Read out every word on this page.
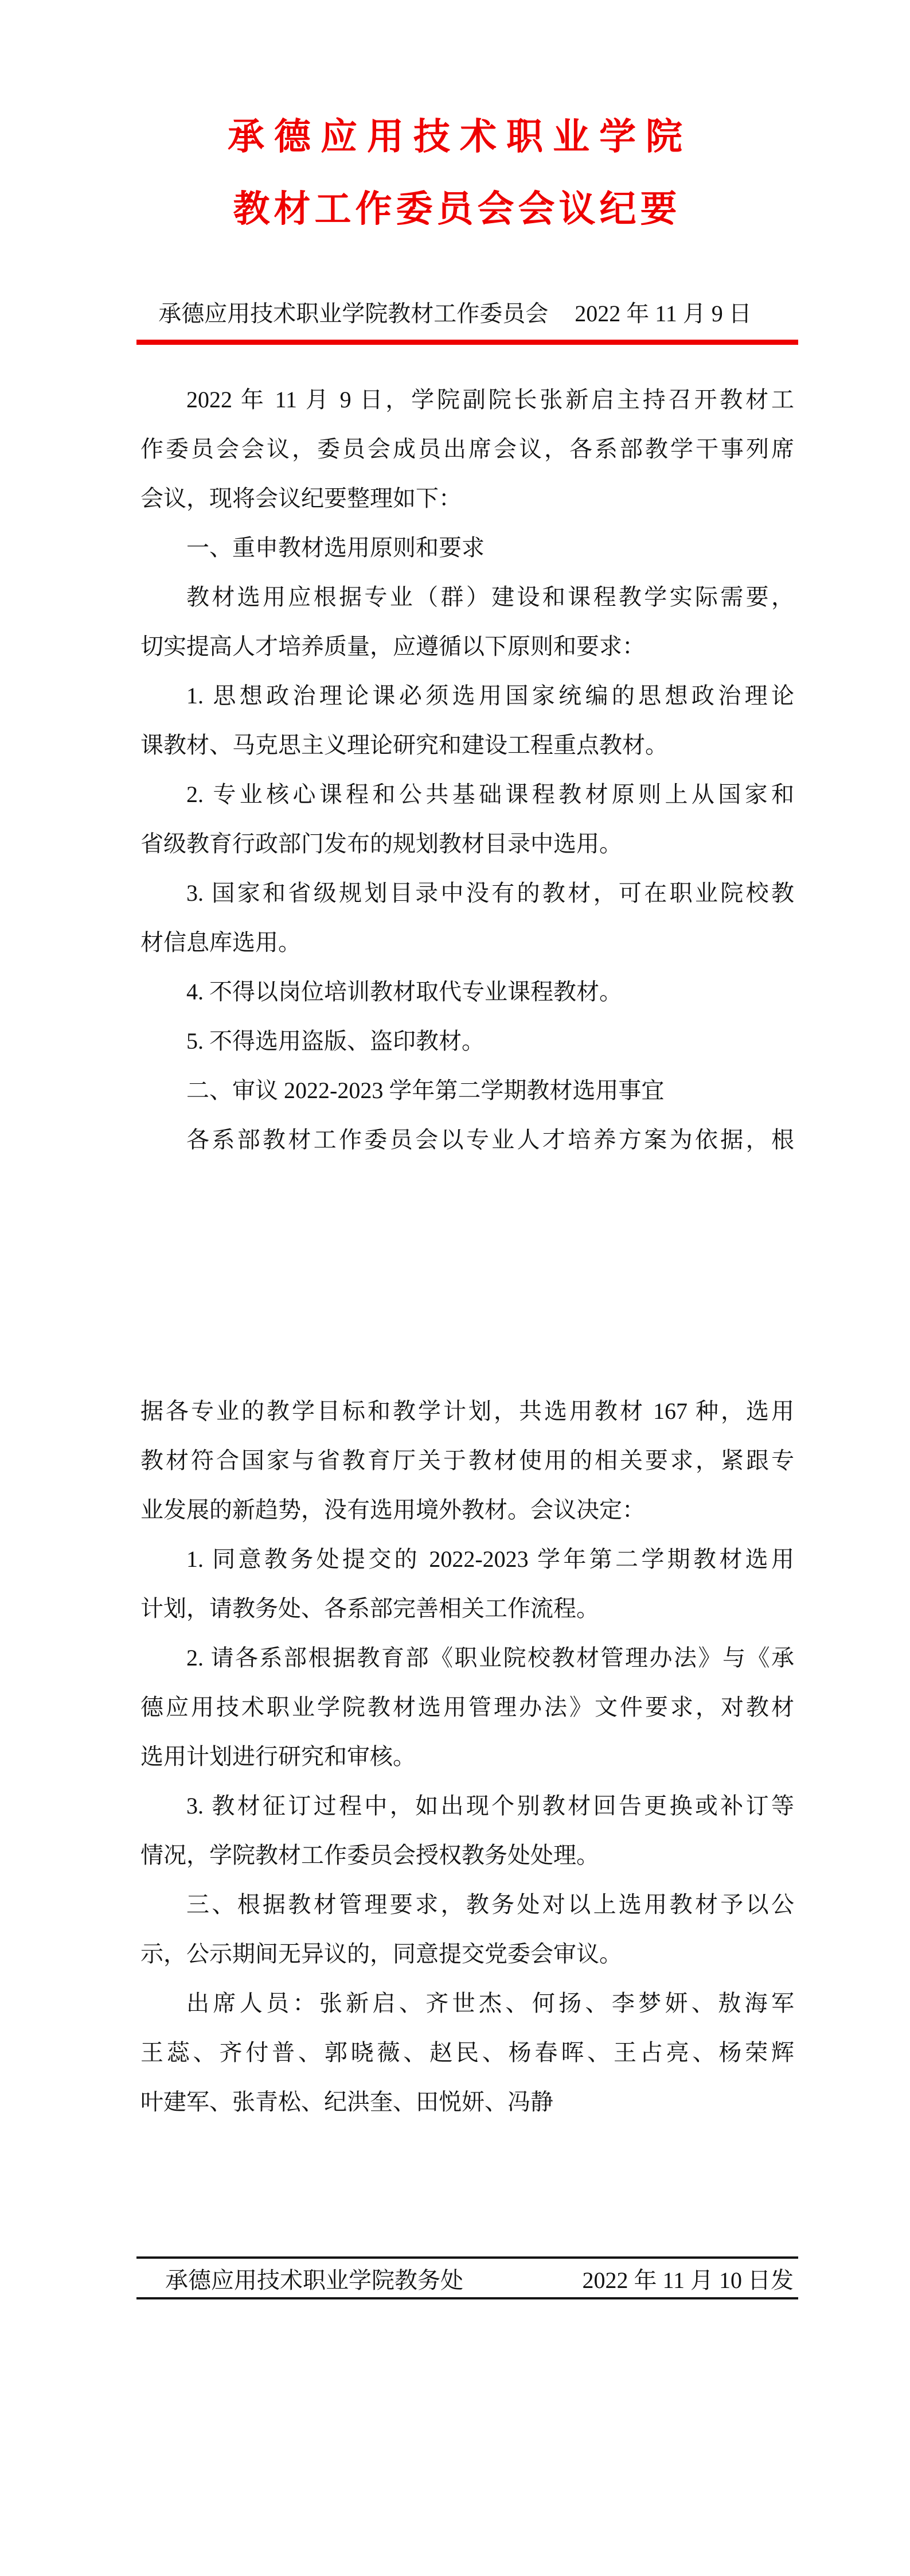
承德应用技术职业学院
教材工作委员会会议纪要
承德应用技术职业学院教材工作委员会 2022 年 11 月 9 日
2022 年 11 月 9 日，学院副院长张新启主持召开教材工
作委员会会议，委员会成员出席会议，各系部教学干事列席
会议，现将会议纪要整理如下：
一、重申教材选用原则和要求
教材选用应根据专业（群）建设和课程教学实际需要，
切实提高人才培养质量，应遵循以下原则和要求：
1. 思想政治理论课必须选用国家统编的思想政治理论
课教材、马克思主义理论研究和建设工程重点教材。
2. 专业核心课程和公共基础课程教材原则上从国家和
省级教育行政部门发布的规划教材目录中选用。
3. 国家和省级规划目录中没有的教材，可在职业院校教
材信息库选用。
4. 不得以岗位培训教材取代专业课程教材。
5. 不得选用盗版、盗印教材。
二、审议 2022-2023 学年第二学期教材选用事宜
各系部教材工作委员会以专业人才培养方案为依据，根
据各专业的教学目标和教学计划，共选用教材 167 种，选用
教材符合国家与省教育厅关于教材使用的相关要求，紧跟专
业发展的新趋势，没有选用境外教材。会议决定：
1. 同意教务处提交的 2022-2023 学年第二学期教材选用
计划，请教务处、各系部完善相关工作流程。
2. 请各系部根据教育部《职业院校教材管理办法》与《承
德应用技术职业学院教材选用管理办法》文件要求，对教材
选用计划进行研究和审核。
3. 教材征订过程中，如出现个别教材回告更换或补订等
情况，学院教材工作委员会授权教务处处理。
三、根据教材管理要求，教务处对以上选用教材予以公
示，公示期间无异议的，同意提交党委会审议。
出席人员：张新启、齐世杰、何扬、李梦妍、敖海军
王蕊、齐付普、郭晓薇、赵民、杨春晖、王占亮、杨荣辉
叶建军、张青松、纪洪奎、田悦妍、冯静
承德应用技术职业学院教务处	2022 年 11 月 10 日发
